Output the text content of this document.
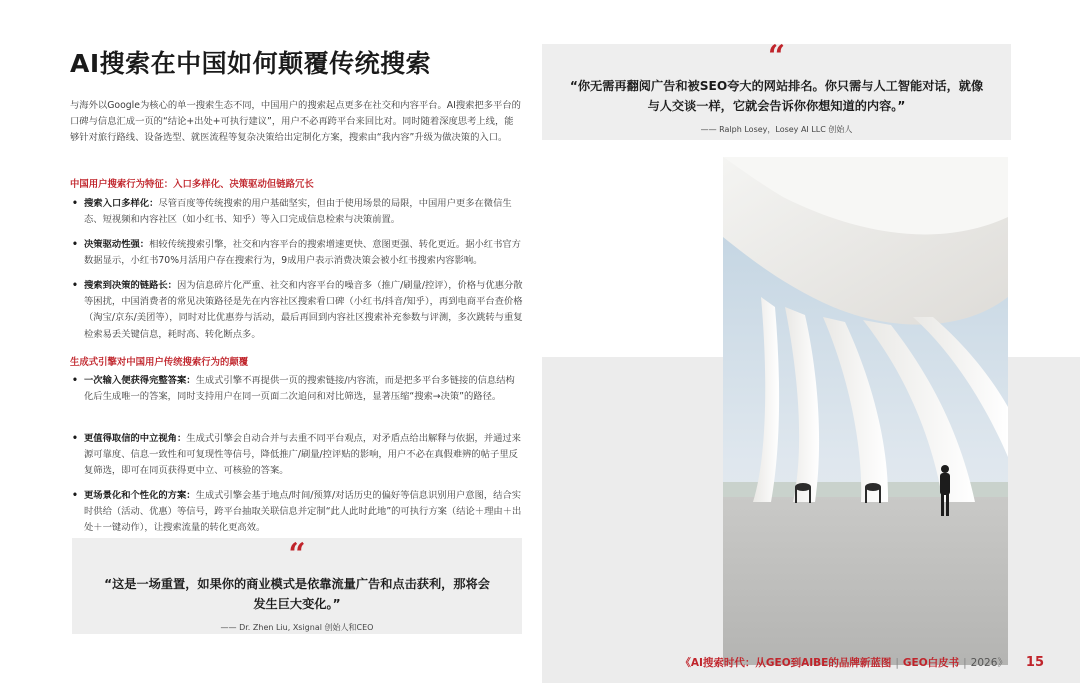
AI搜索在中国如何颠覆传统搜索
与海外以Google为核心的单一搜索生态不同，中国用户的搜索起点更多在社交和内容平台。AI搜索把多平台的口碑与信息汇成一页的“结论+出处+可执行建议”，用户不必再跨平台来回比对。同时随着深度思考上线，能够针对旅行路线、设备选型、就医流程等复杂决策给出定制化方案，搜索由“我内容”升级为做决策的入口。
中国用户搜索行为特征：入口多样化、决策驱动但链路冗长
• 搜索入口多样化：尽管百度等传统搜索的用户基础坚实，但由于使用场景的局限，中国用户更多在微信生态、短视频和内容社区（如小红书、知乎）等入口完成信息检索与决策前置。
• 决策驱动性强：相较传统搜索引擎，社交和内容平台的搜索增速更快、意图更强、转化更近。据小红书官方数据显示，小红书70%月活用户存在搜索行为，9成用户表示消费决策会被小红书搜索内容影响。
• 搜索到决策的链路长：因为信息碎片化严重、社交和内容平台的噪音多（推广/刷量/控评），价格与优惠分散等困扰，中国消费者的常见决策路径是先在内容社区搜索看口碑（小红书/抖音/知乎），再到电商平台查价格（淘宝/京东/美团等），同时对比优惠券与活动，最后再回到内容社区搜索补充参数与评测，多次跳转与重复检索易丢关键信息，耗时高、转化断点多。
生成式引擎对中国用户传统搜索行为的颠覆
• 一次输入便获得完整答案：生成式引擎不再提供一页的搜索链接/内容流，而是把多平台多链接的信息结构化后生成唯一的答案，同时支持用户在同一页面二次追问和对比筛选，显著压缩“搜索→决策”的路径。
• 更值得取信的中立视角：生成式引擎会自动合并与去重不同平台观点，对矛盾点给出解释与依据，并通过来源可靠度、信息一致性和可复现性等信号，降低推广/刷量/控评贴的影响，用户不必在真假难辨的帖子里反复筛选，即可在同页获得更中立、可核验的答案。
• 更场景化和个性化的方案：生成式引擎会基于地点/时间/预算/对话历史的偏好等信息识别用户意图，结合实时供给（活动、优惠）等信号，跨平台抽取关联信息并定制“此人此时此地”的可执行方案（结论＋理由＋出处＋一键动作），让搜索流量的转化更高效。
“
“这是一场重置，如果你的商业模式是依靠流量广告和点击获利，那将会发生巨大变化。”
—— Dr. Zhen Liu, Xsignal 创始人和CEO
“
“你无需再翻阅广告和被SEO夸大的网站排名。你只需与人工智能对话，就像与人交谈一样，它就会告诉你你想知道的内容。”
—— Ralph Losey，Losey AI LLC 创始人
《AI搜索时代：从GEO到AIBE的品牌新蓝图 | GEO白皮书 | 2026》 15
